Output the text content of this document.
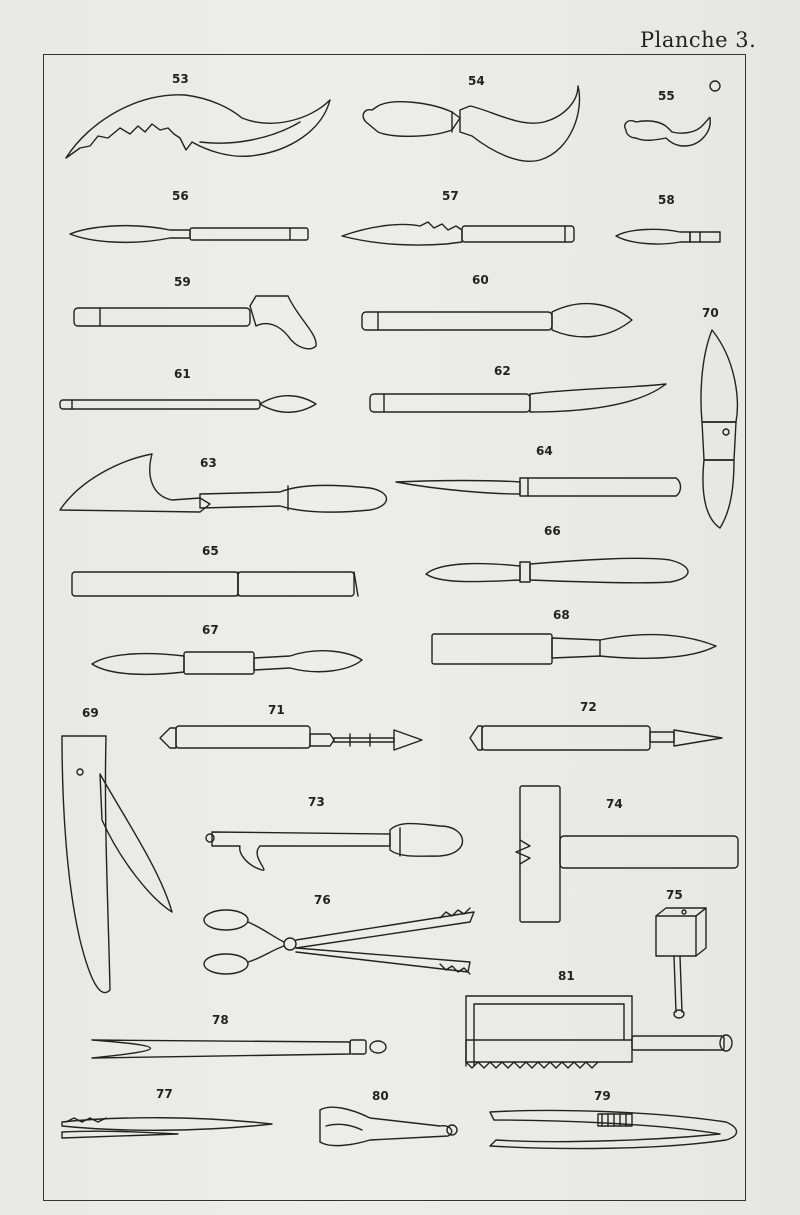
Planche 3.
53	54
55
56	57	58
59	60
61	62
63
64
65
66
67
68
69
70
71	72
73	74
75
76
77
78
79
80
81
